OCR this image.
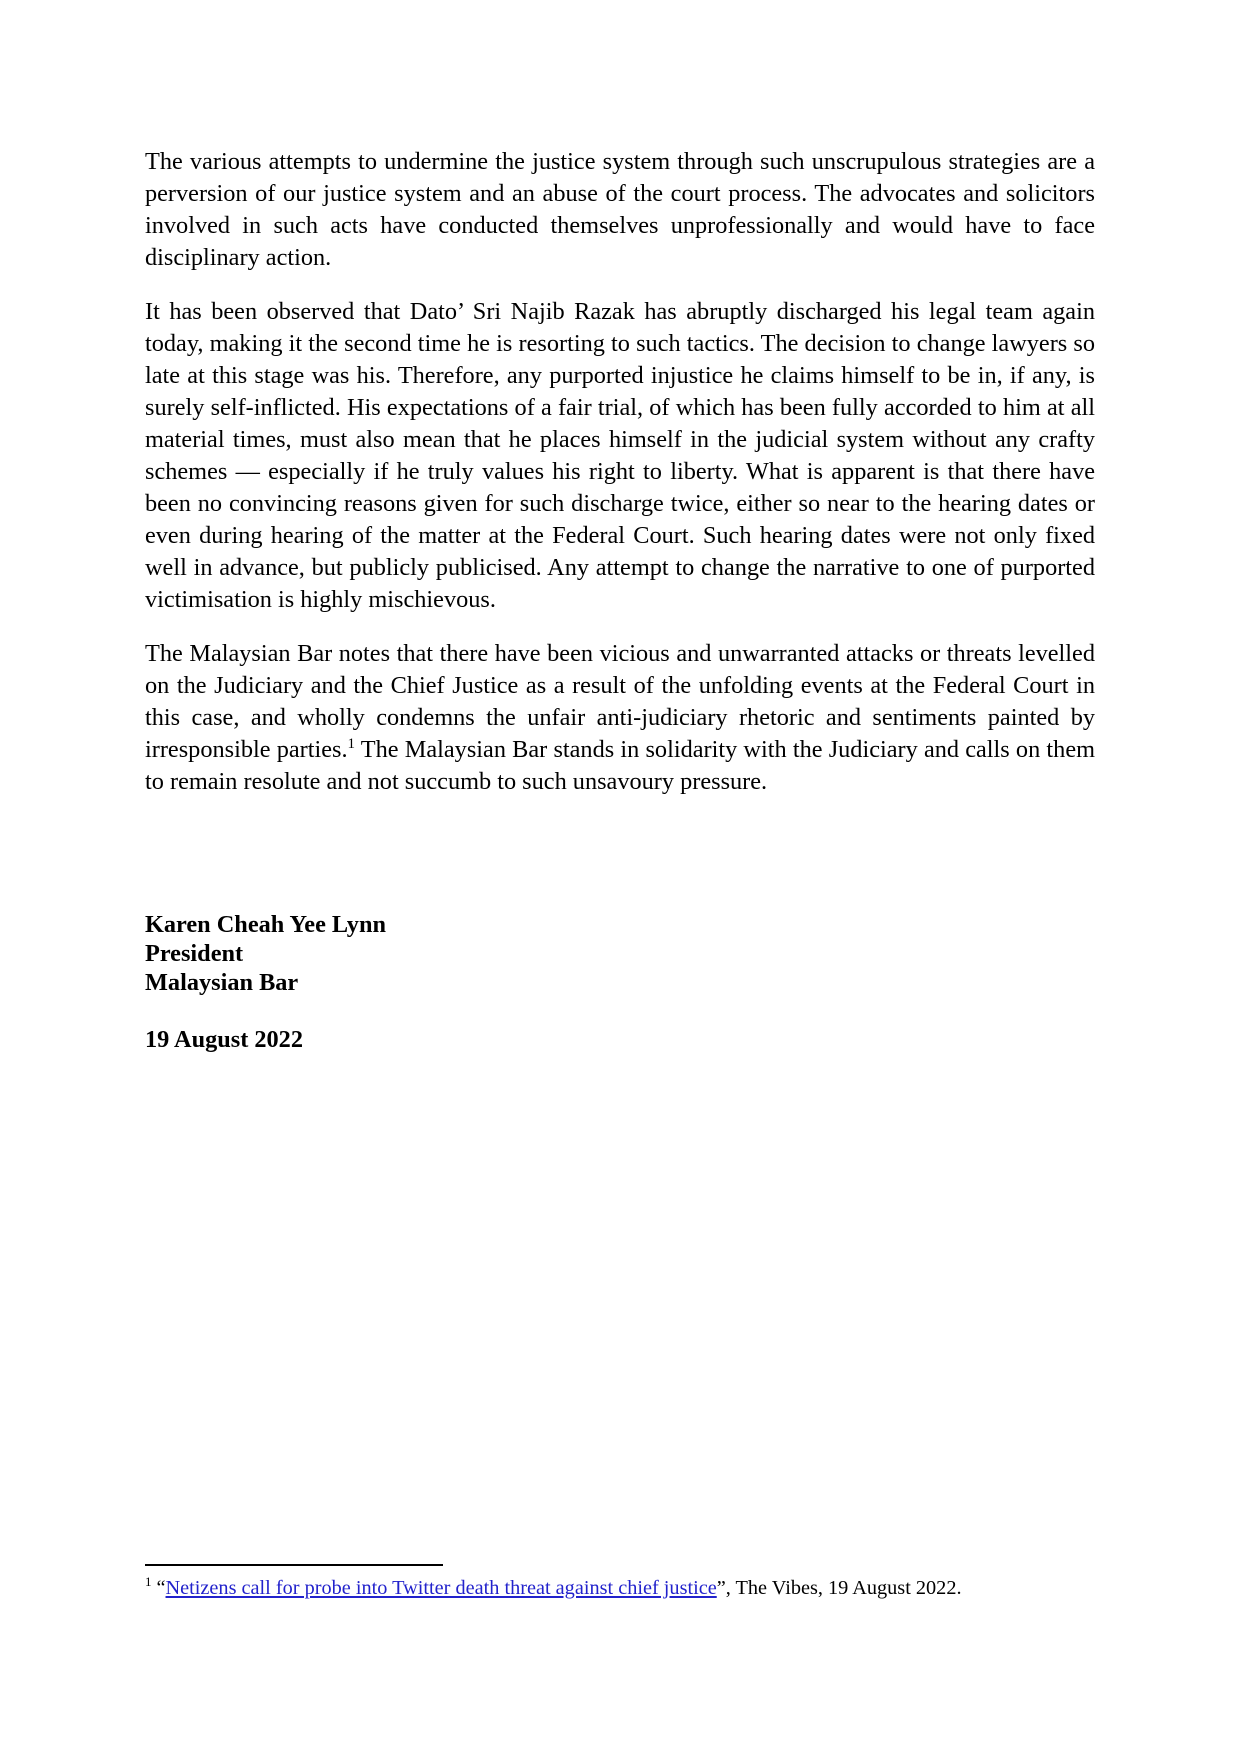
The various attempts to undermine the justice system through such unscrupulous strategies are a perversion of our justice system and an abuse of the court process. The advocates and solicitors involved in such acts have conducted themselves unprofessionally and would have to face disciplinary action.

It has been observed that Dato’ Sri Najib Razak has abruptly discharged his legal team again today, making it the second time he is resorting to such tactics. The decision to change lawyers so late at this stage was his. Therefore, any purported injustice he claims himself to be in, if any, is surely self-inflicted. His expectations of a fair trial, of which has been fully accorded to him at all material times, must also mean that he places himself in the judicial system without any crafty schemes — especially if he truly values his right to liberty. What is apparent is that there have been no convincing reasons given for such discharge twice, either so near to the hearing dates or even during hearing of the matter at the Federal Court. Such hearing dates were not only fixed well in advance, but publicly publicised. Any attempt to change the narrative to one of purported victimisation is highly mischievous.

The Malaysian Bar notes that there have been vicious and unwarranted attacks or threats levelled on the Judiciary and the Chief Justice as a result of the unfolding events at the Federal Court in this case, and wholly condemns the unfair anti-judiciary rhetoric and sentiments painted by irresponsible parties.$^1$ The Malaysian Bar stands in solidarity with the Judiciary and calls on them to remain resolute and not succumb to such unsavoury pressure.

Karen Cheah Yee Lynn

President

Malaysian Bar

19 August 2022

$^1$ “Netizens call for probe into Twitter death threat against chief justice”, The Vibes, 19 August 2022.
